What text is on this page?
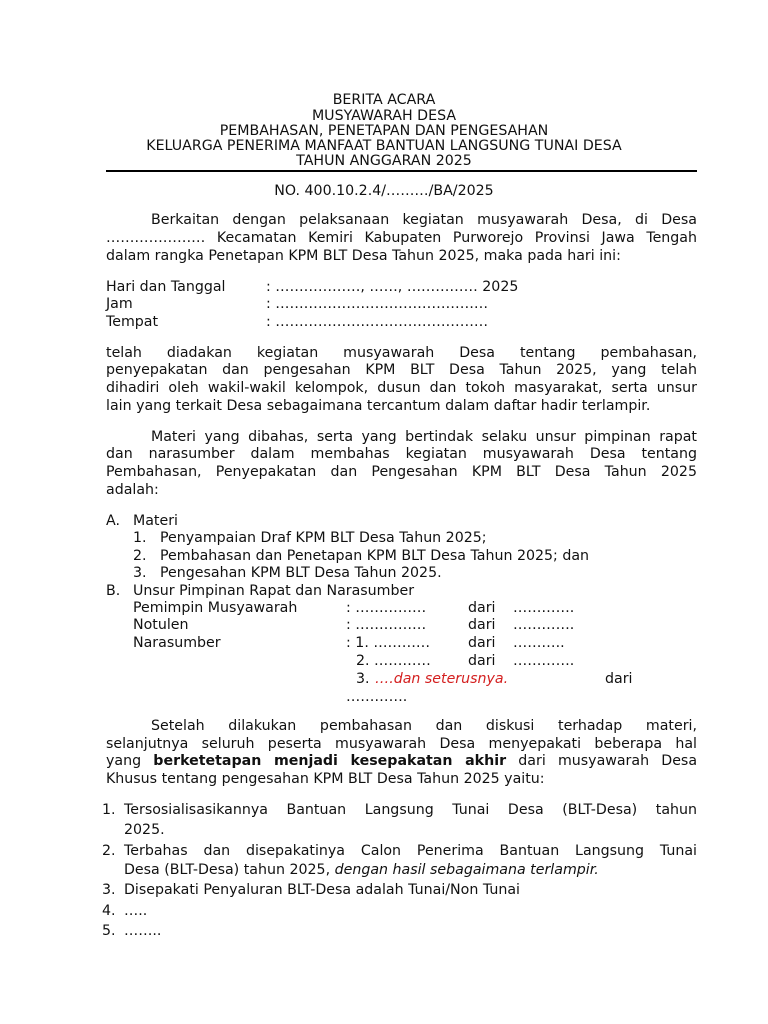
BERITA ACARA
MUSYAWARAH DESA
PEMBAHASAN, PENETAPAN DAN PENGESAHAN
KELUARGA PENERIMA MANFAAT BANTUAN LANGSUNG TUNAI DESA
TAHUN ANGGARAN 2025
NO. 400.10.2.4/………/BA/2025
Berkaitan dengan pelaksanaan kegiatan musyawarah Desa, di Desa
………………… Kecamatan Kemiri Kabupaten Purworejo Provinsi Jawa Tengah
dalam rangka Penetapan KPM BLT Desa Tahun 2025, maka pada hari ini:
Hari dan Tanggal	: ………………, ……, …………… 2025
Jam	: ………………………………………
Tempat	: ………………………………………
telah diadakan kegiatan musyawarah Desa tentang pembahasan,
penyepakatan dan pengesahan KPM BLT Desa Tahun 2025, yang telah
dihadiri oleh wakil-wakil kelompok, dusun dan tokoh masyarakat, serta unsur
lain yang terkait Desa sebagaimana tercantum dalam daftar hadir terlampir.
Materi yang dibahas, serta yang bertindak selaku unsur pimpinan rapat
dan narasumber dalam membahas kegiatan musyawarah Desa tentang
Pembahasan, Penyepakatan dan Pengesahan KPM BLT Desa Tahun 2025
adalah:
A. Materi
1. Penyampaian Draf KPM BLT Desa Tahun 2025;
2. Pembahasan dan Penetapan KPM BLT Desa Tahun 2025; dan
3. Pengesahan KPM BLT Desa Tahun 2025.
B. Unsur Pimpinan Rapat dan Narasumber
Pemimpin Musyawarah	: ……………	dari ………….
Notulen	: ……………	dari ………….
Narasumber	: 1. …………	dari ………..
2. …………	dari ………….
3. ….dan seterusnya.	dari
………….
Setelah dilakukan pembahasan dan diskusi terhadap materi,
selanjutnya seluruh peserta musyawarah Desa menyepakati beberapa hal
yang berketetapan menjadi kesepakatan akhir dari musyawarah Desa
Khusus tentang pengesahan KPM BLT Desa Tahun 2025 yaitu:
1. Tersosialisasikannya Bantuan Langsung Tunai Desa (BLT-Desa) tahun
2025.
2. Terbahas dan disepakatinya Calon Penerima Bantuan Langsung Tunai
Desa (BLT-Desa) tahun 2025, dengan hasil sebagaimana terlampir.
3. Disepakati Penyaluran BLT-Desa adalah Tunai/Non Tunai
4. …..
5. ……..
